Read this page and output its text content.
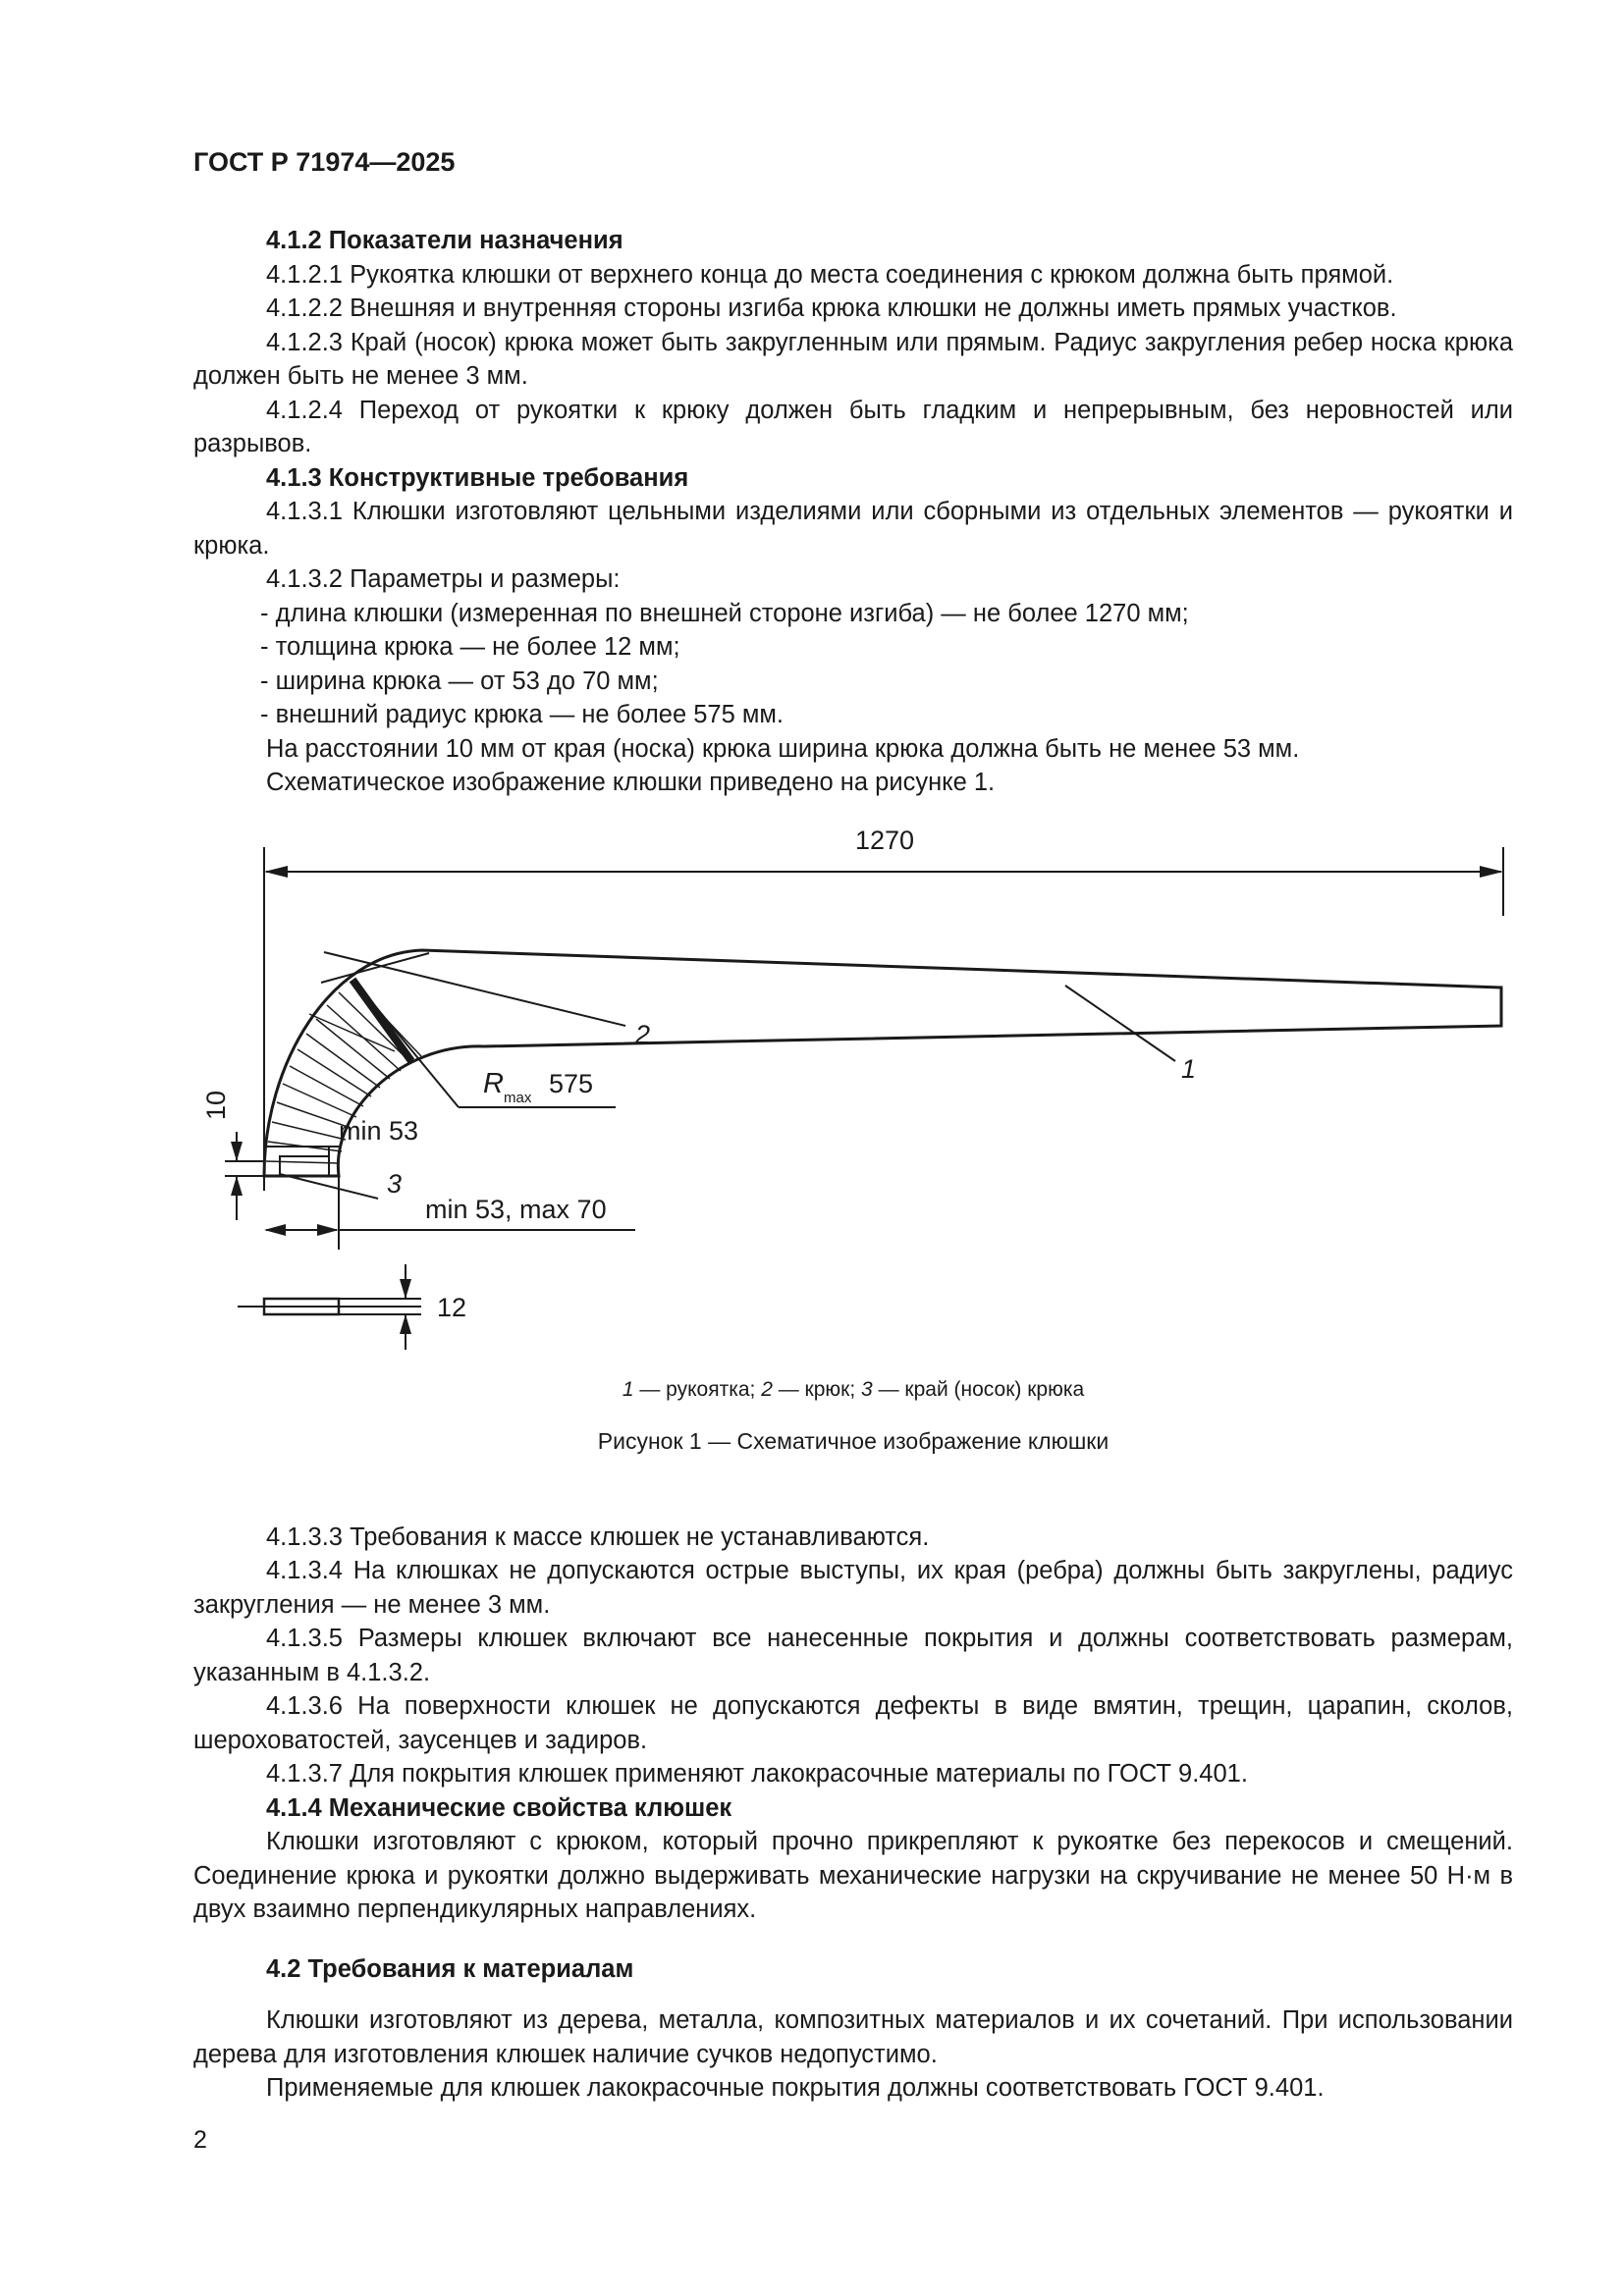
ГОСТ Р 71974—2025

4.1.2 Показатели назначения

4.1.2.1 Рукоятка клюшки от верхнего конца до места соединения с крюком должна быть прямой.

4.1.2.2 Внешняя и внутренняя стороны изгиба крюка клюшки не должны иметь прямых участков.

4.1.2.3 Край (носок) крюка может быть закругленным или прямым. Радиус закругления ребер носка крюка должен быть не менее 3 мм.

4.1.2.4 Переход от рукоятки к крюку должен быть гладким и непрерывным, без неровностей или разрывов.

4.1.3 Конструктивные требования

4.1.3.1 Клюшки изготовляют цельными изделиями или сборными из отдельных элементов — рукоятки и крюка.

4.1.3.2 Параметры и размеры:

- длина клюшки (измеренная по внешней стороне изгиба) — не более 1270 мм;

- толщина крюка — не более 12 мм;

- ширина крюка — от 53 до 70 мм;

- внешний радиус крюка — не более 575 мм.

На расстоянии 10 мм от края (носка) крюка ширина крюка должна быть не менее 53 мм.

Схематическое изображение клюшки приведено на рисунке 1.

1270
1
2
R max 575
min 53
10
3
min 53, max 70
12
1 — рукоятка; 2 — крюк; 3 — край (носок) крюка
Рисунок 1 — Схематичное изображение клюшки

4.1.3.3 Требования к массе клюшек не устанавливаются.

4.1.3.4 На клюшках не допускаются острые выступы, их края (ребра) должны быть закруглены, радиус закругления — не менее 3 мм.

4.1.3.5 Размеры клюшек включают все нанесенные покрытия и должны соответствовать размерам, указанным в 4.1.3.2.

4.1.3.6 На поверхности клюшек не допускаются дефекты в виде вмятин, трещин, царапин, сколов, шероховатостей, заусенцев и задиров.

4.1.3.7 Для покрытия клюшек применяют лакокрасочные материалы по ГОСТ 9.401.

4.1.4 Механические свойства клюшек

Клюшки изготовляют с крюком, который прочно прикрепляют к рукоятке без перекосов и смещений. Соединение крюка и рукоятки должно выдерживать механические нагрузки на скручивание не менее 50 Н·м в двух взаимно перпендикулярных направлениях.

4.2 Требования к материалам

Клюшки изготовляют из дерева, металла, композитных материалов и их сочетаний. При использовании дерева для изготовления клюшек наличие сучков недопустимо.

Применяемые для клюшек лакокрасочные покрытия должны соответствовать ГОСТ 9.401.

2
